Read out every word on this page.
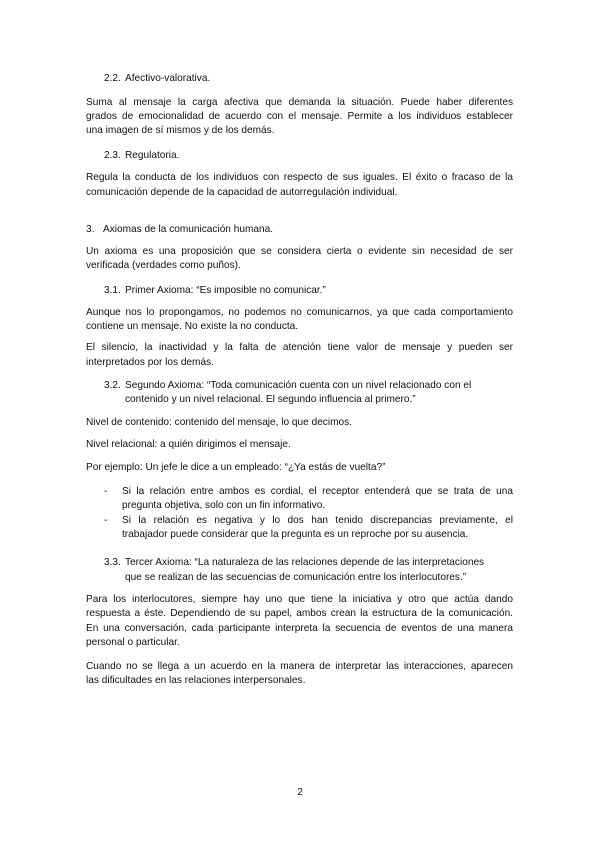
2.2. Afectivo-valorativa.

Suma al mensaje la carga afectiva que demanda la situación. Puede haber diferentes

grados de emocionalidad de acuerdo con el mensaje. Permite a los individuos establecer

una imagen de sí mismos y de los demás.

2.3. Regulatoria.

Regula la conducta de los individuos con respecto de sus iguales. El éxito o fracaso de la

comunicación depende de la capacidad de autorregulación individual.

3. Axiomas de la comunicación humana.

Un axioma es una proposición que se considera cierta o evidente sin necesidad de ser

verificada (verdades como puños).

3.1. Primer Axioma: “Es imposible no comunicar.”

Aunque nos lo propongamos, no podemos no comunicarnos, ya que cada comportamiento

contiene un mensaje. No existe la no conducta.

El silencio, la inactividad y la falta de atención tiene valor de mensaje y pueden ser

interpretados por los demás.

3.2. Segundo Axioma: “Toda comunicación cuenta con un nivel relacionado con el

contenido y un nivel relacional. El segundo influencia al primero.”

Nivel de contenido: contenido del mensaje, lo que decimos.

Nivel relacional: a quién dirigimos el mensaje.

Por ejemplo: Un jefe le dice a un empleado: “¿Ya estás de vuelta?”

- Si la relación entre ambos es cordial, el receptor entenderá que se trata de una

pregunta objetiva, solo con un fin informativo.

- Si la relación es negativa y lo dos han tenido discrepancias previamente, el

trabajador puede considerar que la pregunta es un reproche por su ausencia.

3.3. Tercer Axioma: “La naturaleza de las relaciones depende de las interpretaciones

que se realizan de las secuencias de comunicación entre los interlocutores.”

Para los interlocutores, siempre hay uno que tiene la iniciativa y otro que actúa dando

respuesta a éste. Dependiendo de su papel, ambos crean la estructura de la comunicación.

En una conversación, cada participante interpreta la secuencia de eventos de una manera

personal o particular.

Cuando no se llega a un acuerdo en la manera de interpretar las interacciones, aparecen

las dificultades en las relaciones interpersonales.

2
